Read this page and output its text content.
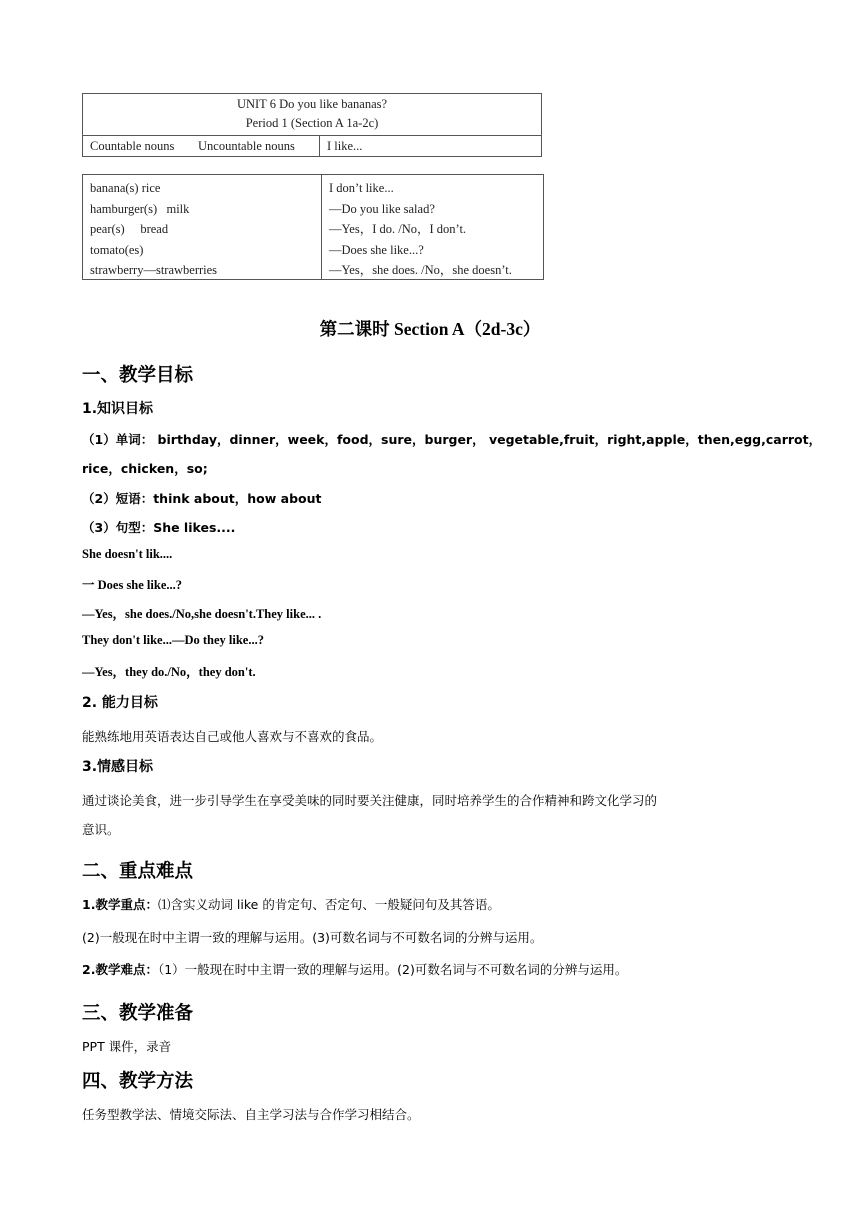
UNIT 6 Do you like bananas?
Period 1 (Section A 1a-2c)
Countable nouns Uncountable nouns	I like...
banana(s) rice
hamburger(s)   milk
pear(s)     bread
tomato(es)
strawberry—strawberries
I don’t like...
—Do you like salad?
—Yes，I do. /No，I don’t.
—Does she like...?
—Yes，she does. /No，she doesn’t.
第二课时 Section A（2d-3c）
一、教学目标
1.知识目标
（1）单词： birthday，dinner，week，food，sure，burger， vegetable,fruit，right,apple，then,egg,carrot，
rice，chicken，so;
（2）短语：think about，how about
（3）句型：She likes....
She doesn't lik....
一 Does she like...?
—Yes，she does./No,she doesn't.They like... .
They don't like...—Do they like...?
—Yes，they do./No，they don't.
2. 能力目标
能熟练地用英语表达自己或他人喜欢与不喜欢的食品。
3.情感目标
通过谈论美食，进一步引导学生在享受美味的同时要关注健康，同时培养学生的合作精神和跨文化学习的
意识。
二、重点难点
1.教学重点：⑴含实义动词 like 的肯定句、否定句、一般疑问句及其答语。
(2)一般现在时中主谓一致的理解与运用。(3)可数名词与不可数名词的分辨与运用。
2.教学难点：（1）一般现在时中主谓一致的理解与运用。(2)可数名词与不可数名词的分辨与运用。
三、教学准备
PPT 课件，录音
四、教学方法
任务型教学法、情境交际法、自主学习法与合作学习相结合。
